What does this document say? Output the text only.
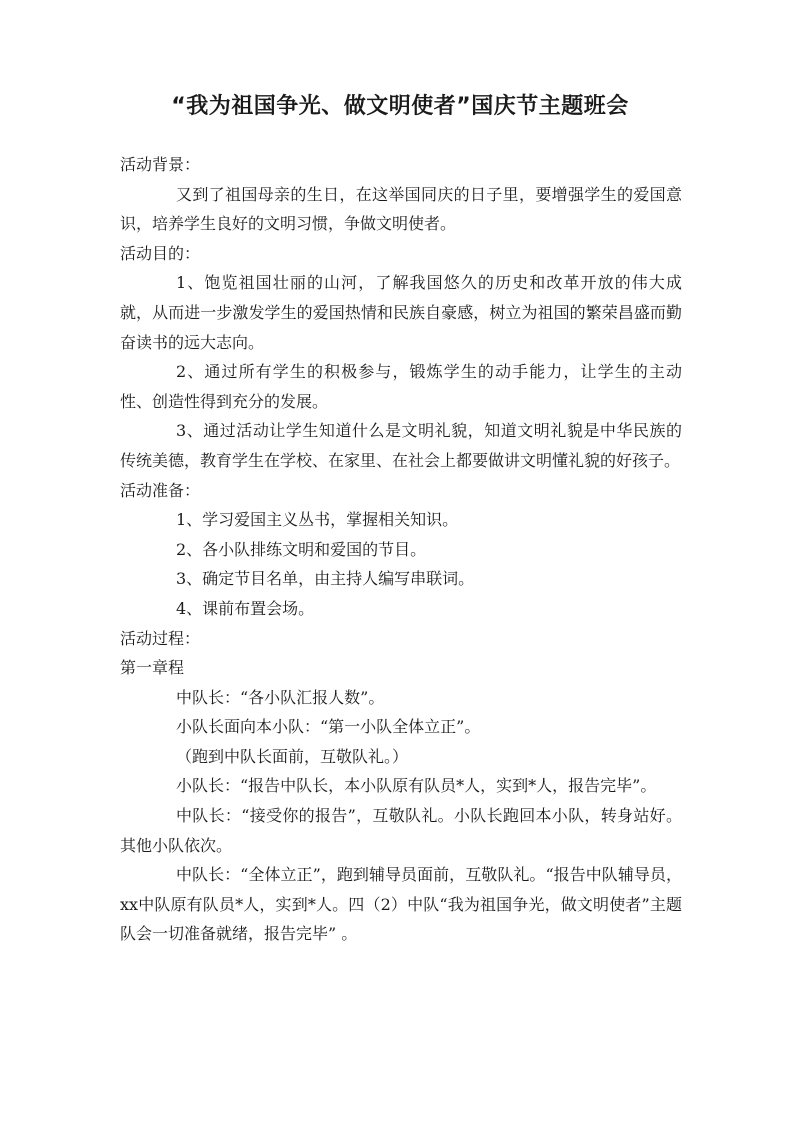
“我为祖国争光、做文明使者”国庆节主题班会

活动背景：

又到了祖国母亲的生日，在这举国同庆的日子里，要增强学生的爱国意识，培养学生良好的文明习惯，争做文明使者。

活动目的：

1、饱览祖国壮丽的山河，了解我国悠久的历史和改革开放的伟大成就，从而进一步激发学生的爱国热情和民族自豪感，树立为祖国的繁荣昌盛而勤奋读书的远大志向。

2、通过所有学生的积极参与，锻炼学生的动手能力，让学生的主动性、创造性得到充分的发展。

3、通过活动让学生知道什么是文明礼貌，知道文明礼貌是中华民族的传统美德，教育学生在学校、在家里、在社会上都要做讲文明懂礼貌的好孩子。

活动准备：

1、学习爱国主义丛书，掌握相关知识。

2、各小队排练文明和爱国的节目。

3、确定节目名单，由主持人编写串联词。

4、课前布置会场。

活动过程：

第一章程

中队长：“各小队汇报人数”。

小队长面向本小队：“第一小队全体立正”。

（跑到中队长面前，互敬队礼。）

小队长：“报告中队长，本小队原有队员*人，实到*人，报告完毕”。

中队长：“接受你的报告”，互敬队礼。小队长跑回本小队，转身站好。其他小队依次。

中队长：“全体立正”，跑到辅导员面前，互敬队礼。“报告中队辅导员，xx中队原有队员*人，实到*人。四（2）中队“我为祖国争光，做文明使者”主题队会一切准备就绪，报告完毕” 。
